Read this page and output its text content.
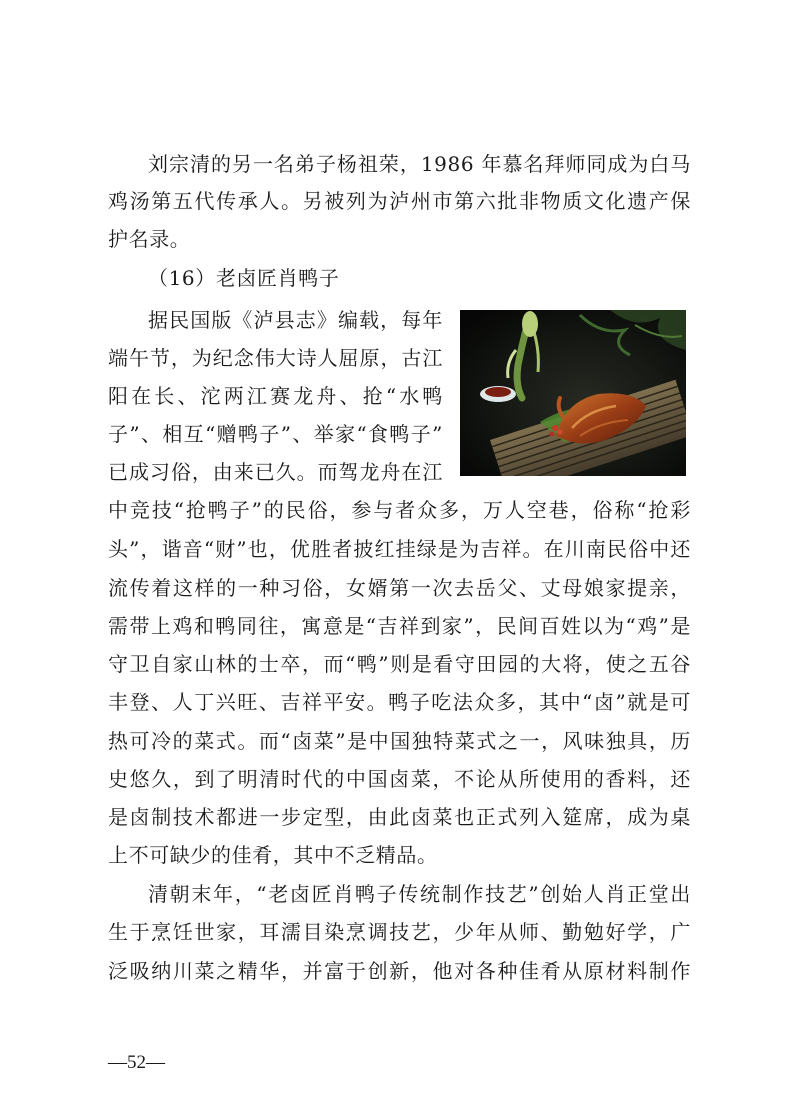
刘宗清的另一名弟子杨祖荣，1986 年慕名拜师同成为白马
鸡汤第五代传承人。另被列为泸州市第六批非物质文化遗产保
护名录。
（16）老卤匠肖鸭子
据民国版《泸县志》编载，每年
端午节，为纪念伟大诗人屈原，古江
阳在长、沱两江赛龙舟、抢“水鸭
子”、相互“赠鸭子”、举家“食鸭子”
已成习俗，由来已久。而驾龙舟在江
中竞技“抢鸭子”的民俗，参与者众多，万人空巷，俗称“抢彩
头”，谐音“财”也，优胜者披红挂绿是为吉祥。在川南民俗中还
流传着这样的一种习俗，女婿第一次去岳父、丈母娘家提亲，
需带上鸡和鸭同往，寓意是“吉祥到家”，民间百姓以为“鸡”是
守卫自家山林的士卒，而“鸭”则是看守田园的大将，使之五谷
丰登、人丁兴旺、吉祥平安。鸭子吃法众多，其中“卤”就是可
热可冷的菜式。而“卤菜”是中国独特菜式之一，风味独具，历
史悠久，到了明清时代的中国卤菜，不论从所使用的香料，还
是卤制技术都进一步定型，由此卤菜也正式列入筵席，成为桌
上不可缺少的佳肴，其中不乏精品。
清朝末年，“老卤匠肖鸭子传统制作技艺”创始人肖正堂出
生于烹饪世家，耳濡目染烹调技艺，少年从师、勤勉好学，广
泛吸纳川菜之精华，并富于创新，他对各种佳肴从原材料制作
—52—
